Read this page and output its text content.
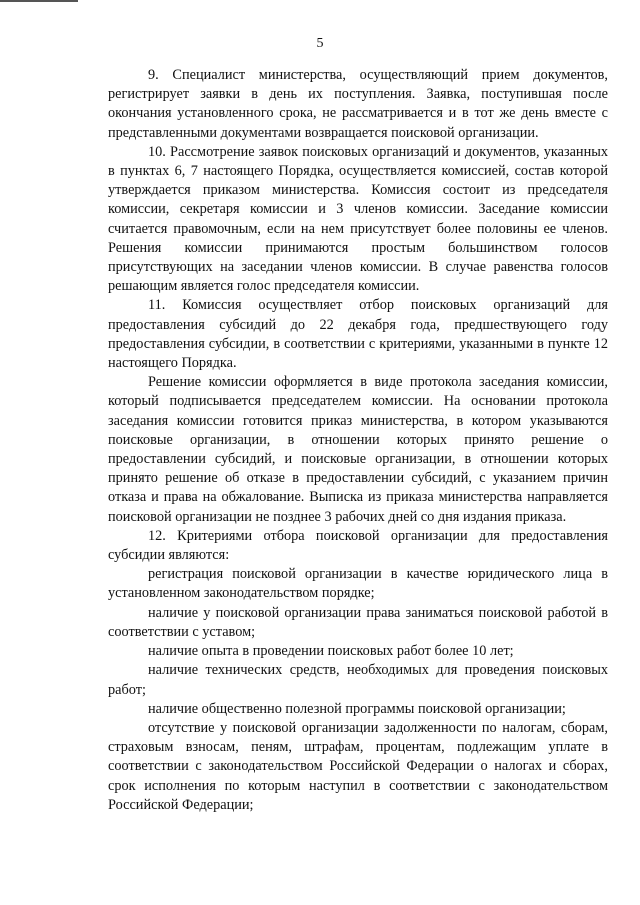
5

9. Специалист министерства, осуществляющий прием документов, регистрирует заявки в день их поступления. Заявка, поступившая после окончания установленного срока, не рассматривается и в тот же день вместе с представленными документами возвращается поисковой организации.

10. Рассмотрение заявок поисковых организаций и документов, указанных в пунктах 6, 7 настоящего Порядка, осуществляется комиссией, состав которой утверждается приказом министерства. Комиссия состоит из председателя комиссии, секретаря комиссии и 3 членов комиссии. Заседание комиссии считается правомочным, если на нем присутствует более половины ее членов. Решения комиссии принимаются простым большинством голосов присутствующих на заседании членов комиссии. В случае равенства голосов решающим является голос председателя комиссии.

11. Комиссия осуществляет отбор поисковых организаций для предоставления субсидий до 22 декабря года, предшествующего году предоставления субсидии, в соответствии с критериями, указанными в пункте 12 настоящего Порядка.

Решение комиссии оформляется в виде протокола заседания комиссии, который подписывается председателем комиссии. На основании протокола заседания комиссии готовится приказ министерства, в котором указываются поисковые организации, в отношении которых принято решение о предоставлении субсидий, и поисковые организации, в отношении которых принято решение об отказе в предоставлении субсидий, с указанием причин отказа и права на обжалование. Выписка из приказа министерства направляется поисковой организации не позднее 3 рабочих дней со дня издания приказа.

12. Критериями отбора поисковой организации для предоставления субсидии являются:

регистрация поисковой организации в качестве юридического лица в установленном законодательством порядке;

наличие у поисковой организации права заниматься поисковой работой в соответствии с уставом;

наличие опыта в проведении поисковых работ более 10 лет;

наличие технических средств, необходимых для проведения поисковых работ;

наличие общественно полезной программы поисковой организации;

отсутствие у поисковой организации задолженности по налогам, сборам, страховым взносам, пеням, штрафам, процентам, подлежащим уплате в соответствии с законодательством Российской Федерации о налогах и сборах, срок исполнения по которым наступил в соответствии с законодательством Российской Федерации;
